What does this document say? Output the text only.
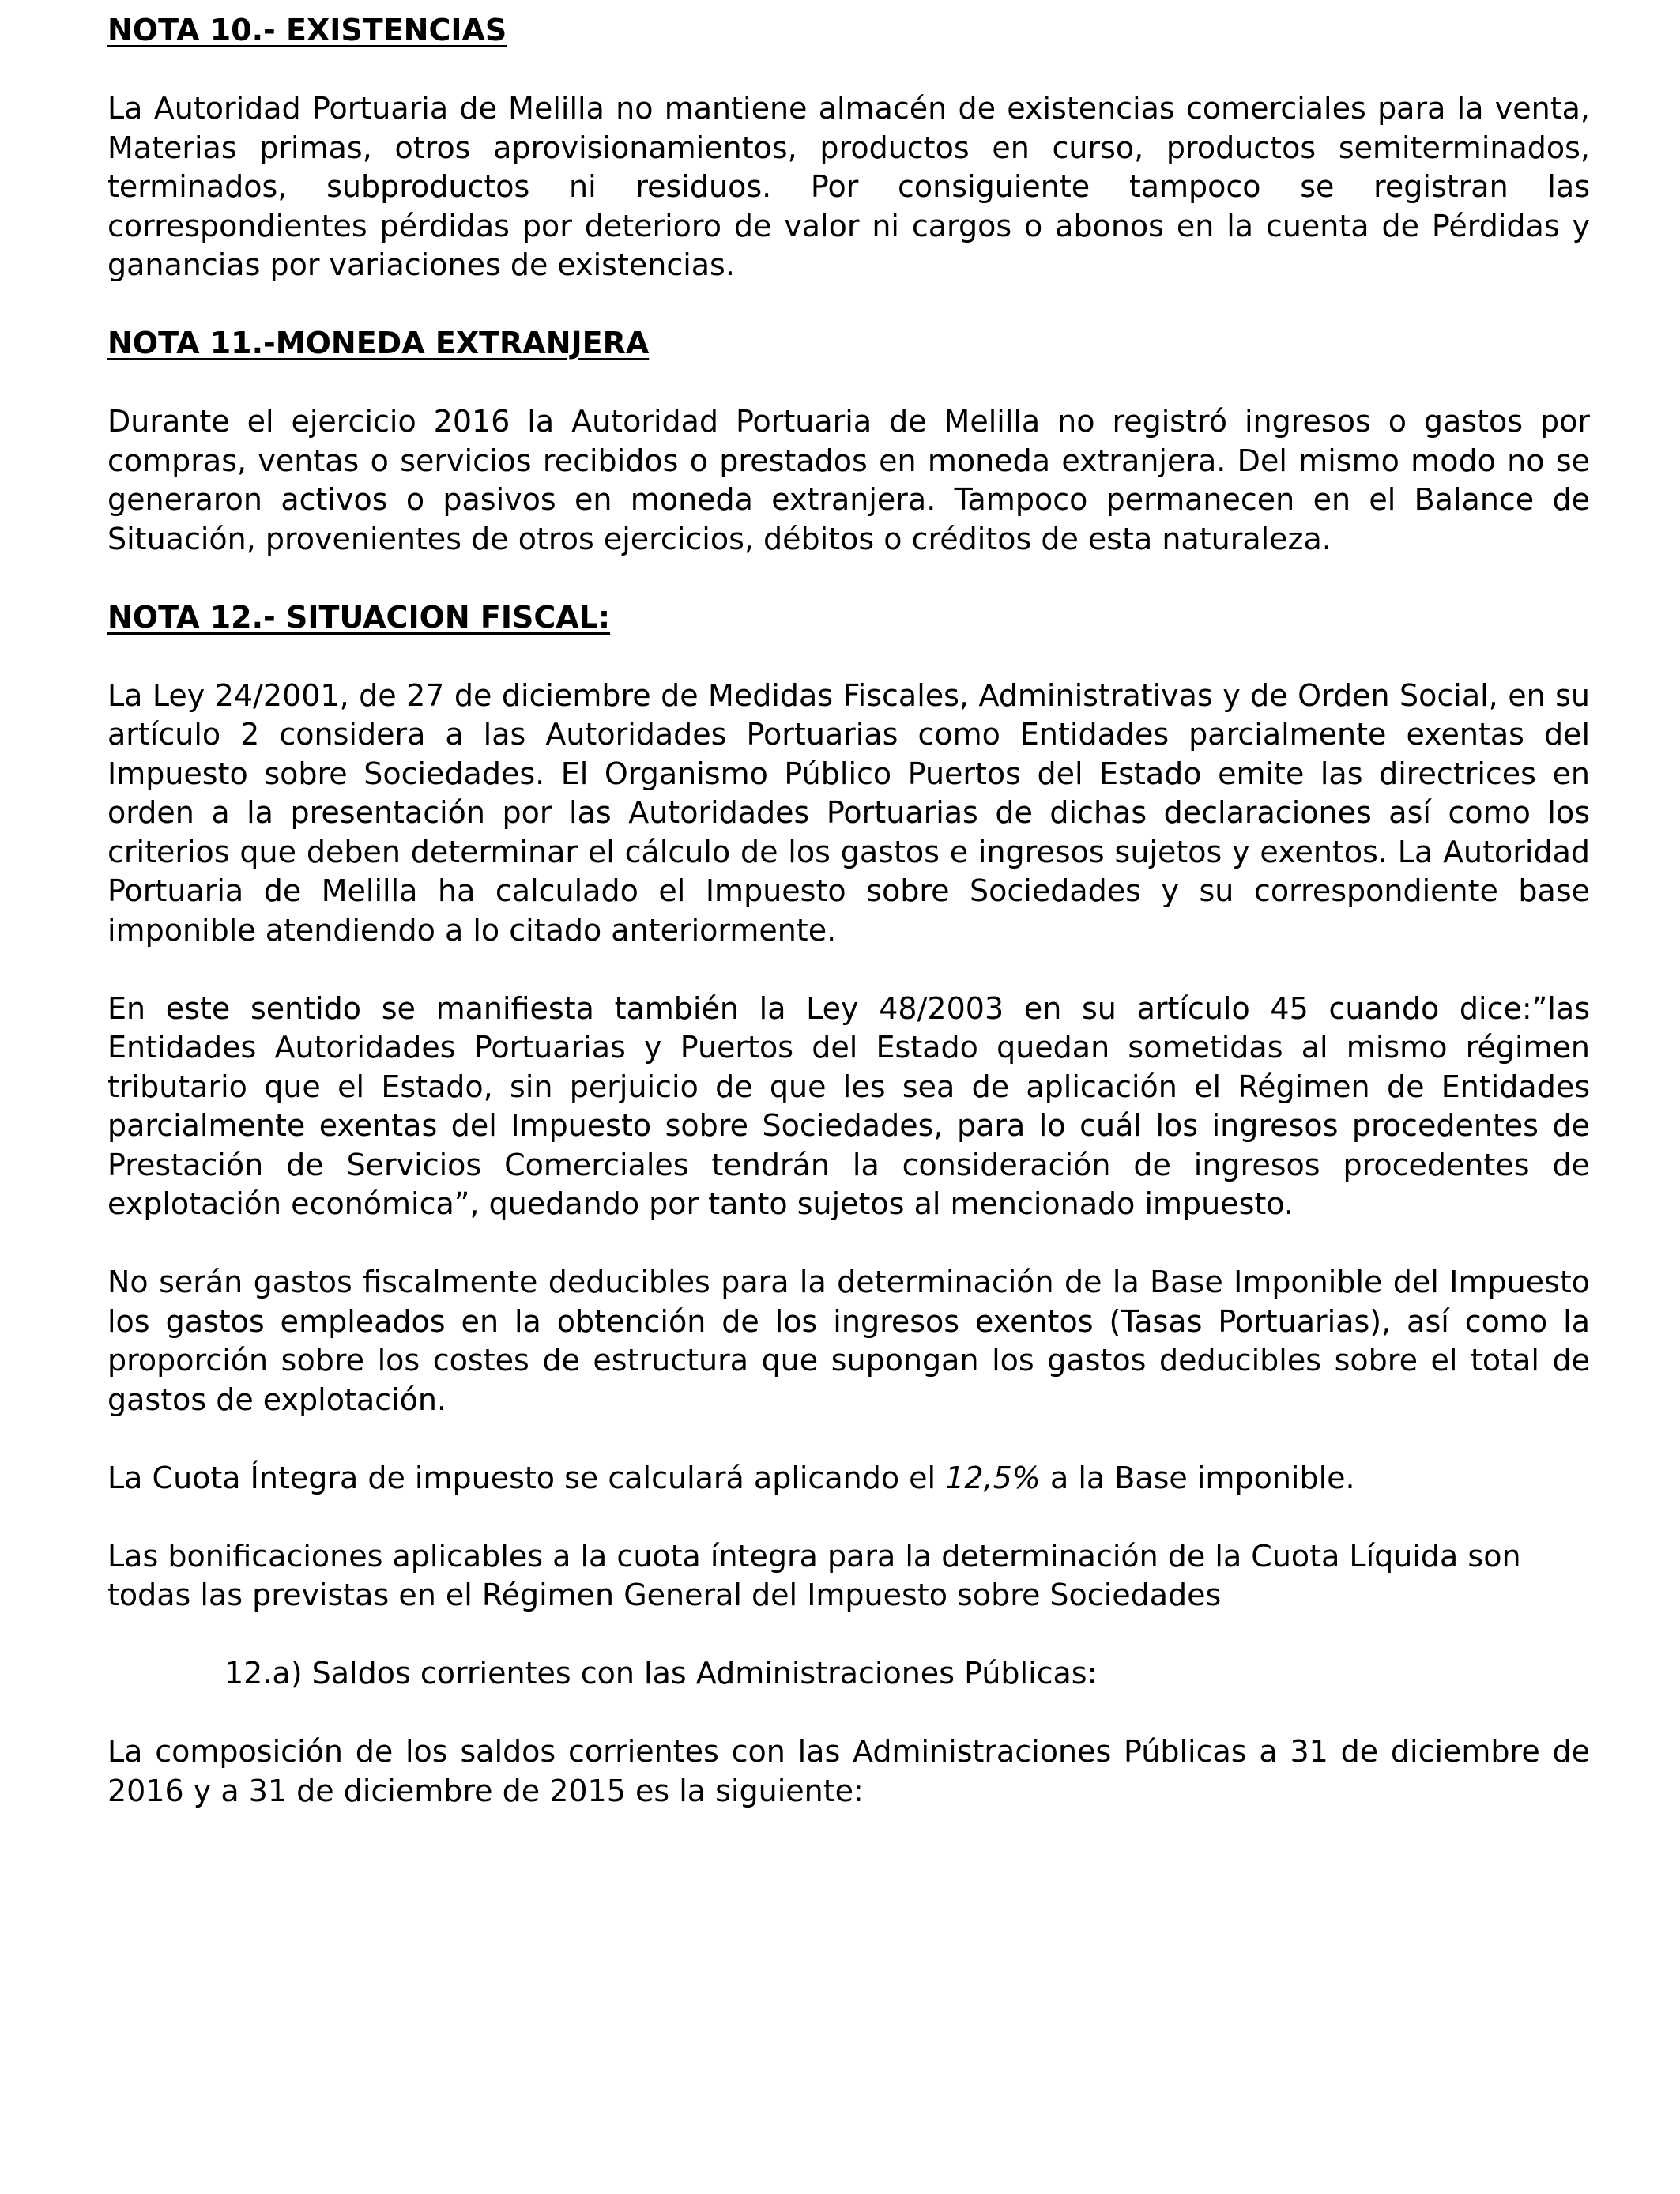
NOTA 10.- EXISTENCIAS
La Autoridad Portuaria de Melilla no mantiene almacén de existencias comerciales para la venta, Materias primas, otros aprovisionamientos, productos en curso, productos semiterminados, terminados, subproductos ni residuos. Por consiguiente tampoco se registran las correspondientes pérdidas por deterioro de valor ni cargos o abonos en la cuenta de Pérdidas y ganancias por variaciones de existencias.
NOTA 11.-MONEDA EXTRANJERA
Durante el ejercicio 2016 la Autoridad Portuaria de Melilla no registró ingresos o gastos por compras, ventas o servicios recibidos o prestados en moneda extranjera. Del mismo modo no se generaron activos o pasivos en moneda extranjera. Tampoco permanecen en el Balance de Situación, provenientes de otros ejercicios, débitos o créditos de esta naturaleza.
NOTA 12.- SITUACION FISCAL:
La Ley 24/2001, de 27 de diciembre de Medidas Fiscales, Administrativas y de Orden Social, en su artículo 2 considera a las Autoridades Portuarias como Entidades parcialmente exentas del Impuesto sobre Sociedades. El Organismo Público Puertos del Estado emite las directrices en orden a la presentación por las Autoridades Portuarias de dichas declaraciones así como los criterios que deben determinar el cálculo de los gastos e ingresos sujetos y exentos. La Autoridad Portuaria de Melilla ha calculado el Impuesto sobre Sociedades y su correspondiente base imponible atendiendo a lo citado anteriormente.
En este sentido se manifiesta también la Ley 48/2003 en su artículo 45 cuando dice:”las Entidades Autoridades Portuarias y Puertos del Estado quedan sometidas al mismo régimen tributario que el Estado, sin perjuicio de que les sea de aplicación el Régimen de Entidades parcialmente exentas del Impuesto sobre Sociedades, para lo cuál los ingresos procedentes de Prestación de Servicios Comerciales tendrán la consideración de ingresos procedentes de explotación económica”, quedando por tanto sujetos al mencionado impuesto.
No serán gastos fiscalmente deducibles para la determinación de la Base Imponible del Impuesto los gastos empleados en la obtención de los ingresos exentos (Tasas Portuarias), así como la proporción sobre los costes de estructura que supongan los gastos deducibles sobre el total de gastos de explotación.
La Cuota Íntegra de impuesto se calculará aplicando el 12,5% a la Base imponible.
Las bonificaciones aplicables a la cuota íntegra para la determinación de la Cuota Líquida son todas las previstas en el Régimen General del Impuesto sobre Sociedades
12.a) Saldos corrientes con las Administraciones Públicas:
La composición de los saldos corrientes con las Administraciones Públicas a 31 de diciembre de 2016 y a 31 de diciembre de 2015 es la siguiente:
